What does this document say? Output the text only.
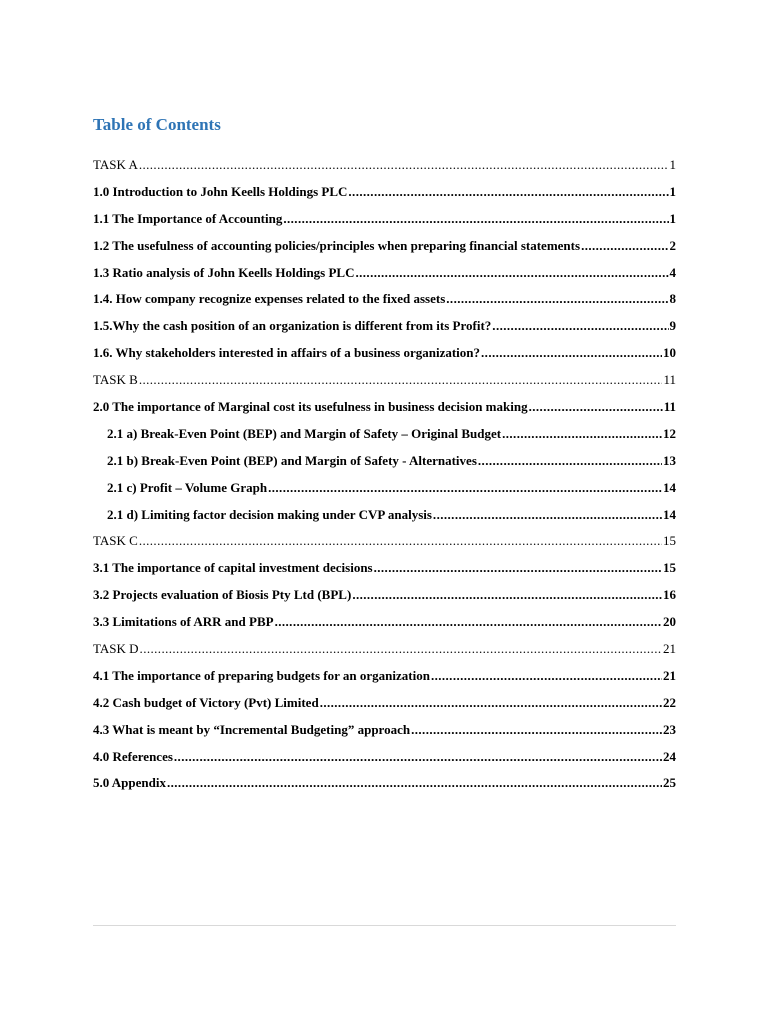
Table of Contents
TASK A .....	1
1.0 Introduction to John Keells Holdings PLC .....	1
1.1 The Importance of Accounting .....	1
1.2 The usefulness of accounting policies/principles when preparing financial statements .....	2
1.3 Ratio analysis of John Keells Holdings PLC .....	4
1.4. How company recognize expenses related to the fixed assets .....	8
1.5.Why the cash position of an organization is different from its Profit? .....	9
1.6. Why stakeholders interested in affairs of a business organization? .....	10
TASK B .....	11
2.0 The importance of Marginal cost its usefulness in business decision making .....	11
2.1 a) Break-Even Point (BEP) and Margin of Safety – Original Budget .....	12
2.1 b) Break-Even Point (BEP) and Margin of Safety - Alternatives .....	13
2.1 c) Profit – Volume Graph .....	14
2.1 d) Limiting factor decision making under CVP analysis .....	14
TASK C .....	15
3.1 The importance of capital investment decisions .....	15
3.2 Projects evaluation of Biosis Pty Ltd (BPL) .....	16
3.3 Limitations of ARR and PBP .....	20
TASK D .....	21
4.1 The importance of preparing budgets for an organization .....	21
4.2 Cash budget of Victory (Pvt) Limited .....	22
4.3 What is meant by “Incremental Budgeting” approach .....	23
4.0 References .....	24
5.0 Appendix .....	25
